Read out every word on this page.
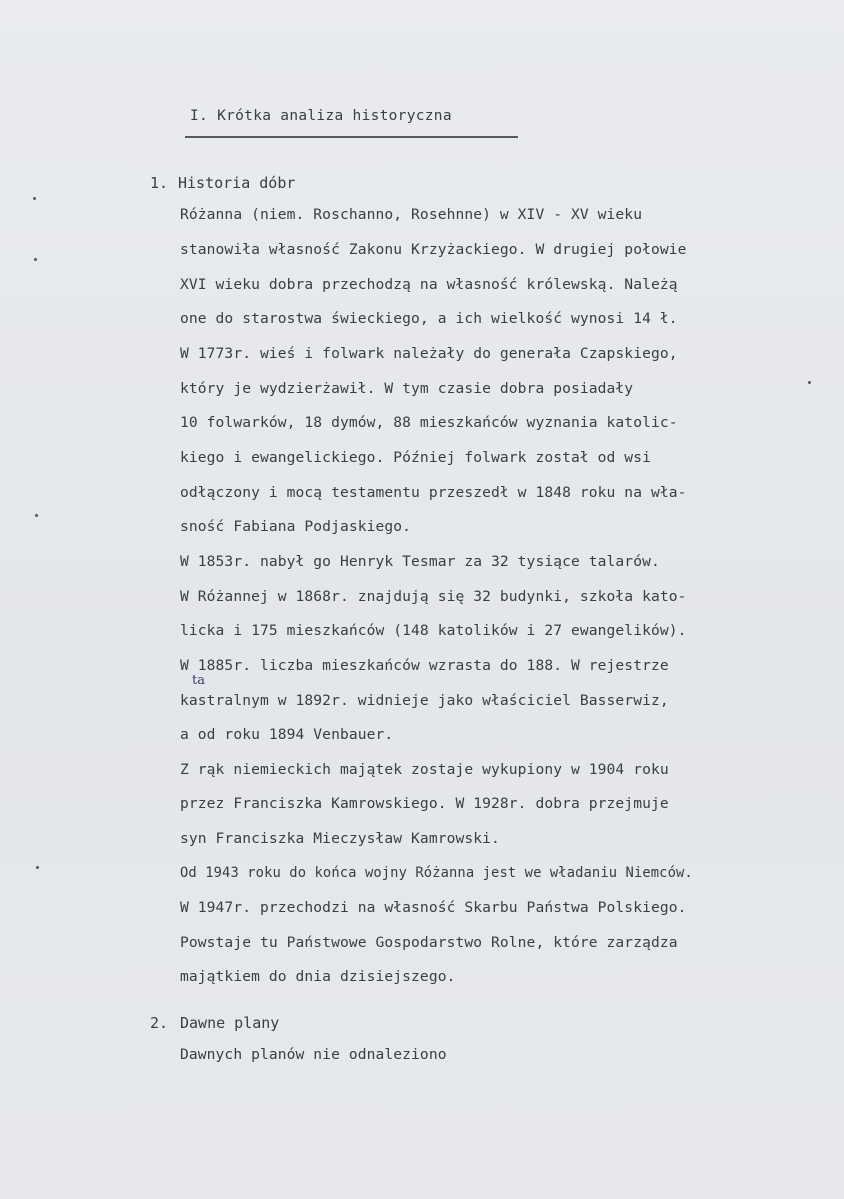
I. Krótka analiza historyczna
1. Historia dóbr
Różanna (niem. Roschanno, Rosehnne) w XIV - XV wieku
stanowiła własność Zakonu Krzyżackiego. W drugiej połowie
XVI wieku dobra przechodzą na własność królewską. Należą
one do starostwa świeckiego, a ich wielkość wynosi 14 ł.
W 1773r. wieś i folwark należały do generała Czapskiego,
który je wydzierżawił. W tym czasie dobra posiadały
10 folwarków, 18 dymów, 88 mieszkańców wyznania katolic-
kiego i ewangelickiego. Później folwark został od wsi
odłączony i mocą testamentu przeszedł w 1848 roku na wła-
sność Fabiana Podjaskiego.
W 1853r. nabył go Henryk Tesmar za 32 tysiące talarów.
W Różannej w 1868r. znajdują się 32 budynki, szkoła kato-
licka i 175 mieszkańców (148 katolików i 27 ewangelików).
W 1885r. liczba mieszkańców wzrasta do 188. W rejestrze
kastralnym w 1892r. widnieje jako właściciel Basserwiz,
a od roku 1894 Venbauer.
Z rąk niemieckich majątek zostaje wykupiony w 1904 roku
przez Franciszka Kamrowskiego. W 1928r. dobra przejmuje
syn Franciszka Mieczysław Kamrowski.
Od 1943 roku do końca wojny Różanna jest we władaniu Niemców.
W 1947r. przechodzi na własność Skarbu Państwa Polskiego.
Powstaje tu Państwowe Gospodarstwo Rolne, które zarządza
majątkiem do dnia dzisiejszego.
ta
2. Dawne plany
Dawnych planów nie odnaleziono
